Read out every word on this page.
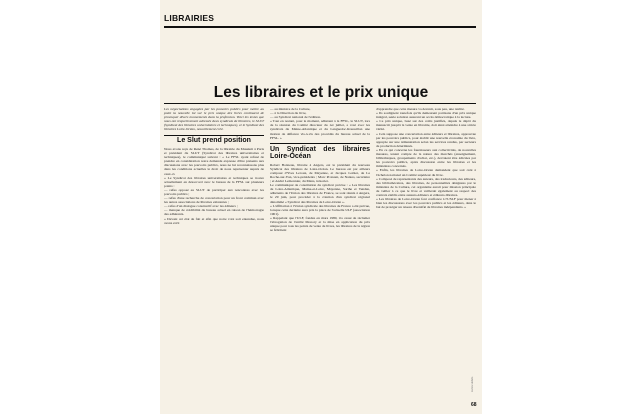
LIBRAIRIES
Les libraires et le prix unique

Les négociations engagées par les pouvoirs publics pour mettre au point la nouvelle loi sur le prix unique des livres continuent de provoquer divers mouvements dans la profession. Voici les textes que nous ont respectivement adressés deux syndicats de libraires, le SLUT (Syndicat des libraires universitaires et techniques), et le Syndicat des libraires Loire-Océan, nouvellement créé.

Le Slut prend position

Nous avons reçu de René Thomas, de la librairie du Muséum à Paris et président du SLUT (Syndicat des libraires universitaires et techniques), le communiqué suivant : « Le FFSL ayant refusé de prendre en considération notre demande expresse d'être présents aux discussions avec les pouvoirs publics, nous ne lui reconnaissons plus dans les conditions actuelles le droit de nous représenter auprès de ceux-ci.

« Le Syndicat des libraires universitaires et techniques se trouve actuellement en désaccord avec le bureau de la FFSL sur plusieurs points :

— refus opposé au SLUT de participer aux rencontres avec les pouvoirs publics ;

— refus d'une recherche de concertation pour un front commun avec les autres associations de libraires existantes ;

— refus d'un dialogue constructif avec les éditeurs ;

— manque de crédibilité du bureau actuel en raison de l'hémorragie des adhérents.

« Devant cet état de fait et afin que notre voix soit entendue, nous avons écrit

— au ministre de la Culture,

— à la Direction du livre,

— au Syndicat national de l'édition.

« Tout en restant, pour le moment, adhérent à la FFSL, le SLUT, lors de la réunion du Comité directeur du 1er juillet, a voté avec les syndicats du Maine-Atlantique et du Languedoc-Roussillon une motion de défiance vis-à-vis des procédés du bureau actuel de la FFSL. »

Un Syndicat des libraires Loire-Océan

Robert Boisteau, libraire à Angers, est le président du nouveau Syndicat des libraires de Loire-Océan. Le bureau est par ailleurs composé d'Yves Leroux, de Mayenne, et Jacques Gobier, de La Roche-sur-Yon, vice-présidents ; Marc Proisant, de Nantes, secrétaire ; et André Lemonnier, du Mans, trésorier.

Le communiqué de constitution du syndicat précise : « Les libraires de Loire-Atlantique, Maine-et-Loire, Mayenne, Sarthe et Vendée, adhérents de l'Union des libraires de France, se sont réunis à Angers, le 29 juin, pour procéder à la création d'un syndicat régional dénommé « Syndicat des libraires de Loire-Océan ».

« L'affiliation à l'Union syndicale des libraires de France a été prévue, lorsque cette dernière aura pris la place de l'actuelle ULF (association 1901).

« Rappelant que l'ULF, fondée en mars 1980, n'a cessé de réclamer l'abrogation de l'arrêté Monory et la mise en application du prix unique pour tous les points de vente de livres, les libraires de la région se félicitent

d'apprendre que cette mesure va devenir, sous peu, une réalité.

« Ils soulignent toutefois qu'ils demeurent partisans d'un prix unique intégral, seule solution assurant un accès démocratique à la lecture.

« Ce prix unique, basé sur des coûts justifiés, depuis le dépôt du manuscrit jusqu'à la vente en librairie, doit ainsi atteindre à une stricte vérité.

« Cela suppose une concertation entre éditeurs et libraires, approuvée par les pouvoirs publics, pour établir une nouvelle économie du livre, appuyée sur une rémunération selon les services rendus, par secteurs de production déterminés.

« En ce qui concerne les fournisseurs aux collectivités, de nouvelles mesures, tenant compte de la nature des marchés (enseignement, bibliothèques, groupements d'achat, etc.), devraient être édictées par les pouvoirs publics, après discussion entre les libraires et les ministères concernés.

« Enfin, les libraires de Loire-Océan demandent que soit créé à l'échelon national un Comité supérieur du livre.

« Composé de représentants des auteurs, des traducteurs, des éditeurs, des bibliothécaires, des libraires, de personnalités désignées par le ministère de la Culture, cet organisme aurait pour mission principale de veiller à ce que le livre et veillerait également au respect des contrats établis entre auteurs-éditeurs et éditeurs-libraires.

« Les libraires de Loire-Océan font confiance à l'USLF pour mener à bien les discussions avec les pouvoirs publics et les éditeurs, dans le but de protéger un réseau diversifié de libraires indépendants. »

Livres Hebdo
68
